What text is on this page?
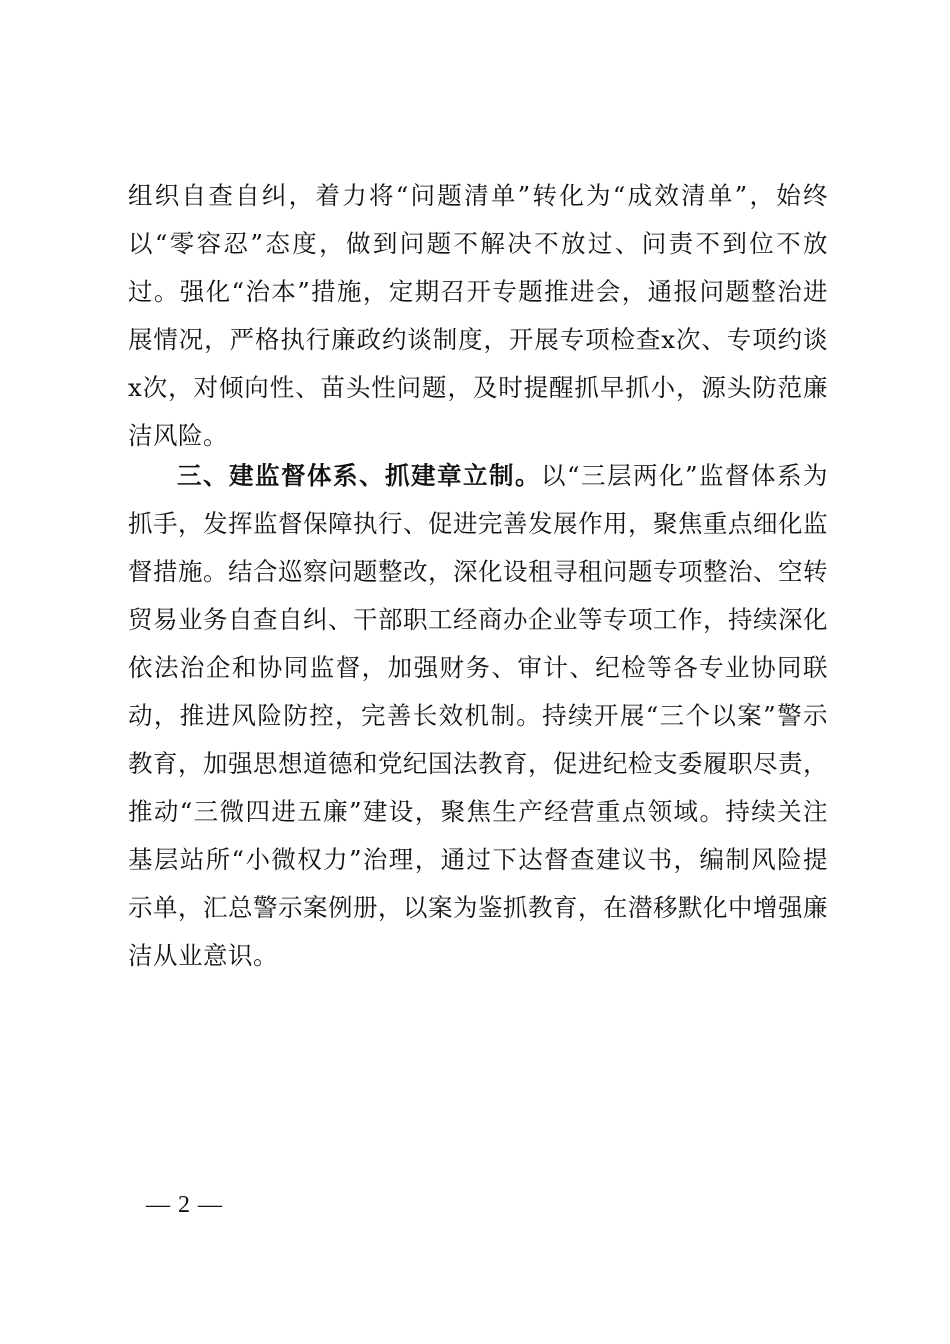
组织自查自纠，着力将“问题清单”转化为“成效清单”，始终以“零容忍”态度，做到问题不解决不放过、问责不到位不放过。强化“治本”措施，定期召开专题推进会，通报问题整治进展情况，严格执行廉政约谈制度，开展专项检查x次、专项约谈x次，对倾向性、苗头性问题，及时提醒抓早抓小，源头防范廉洁风险。

三、建监督体系、抓建章立制。以“三层两化”监督体系为抓手，发挥监督保障执行、促进完善发展作用，聚焦重点细化监督措施。结合巡察问题整改，深化设租寻租问题专项整治、空转贸易业务自查自纠、干部职工经商办企业等专项工作，持续深化依法治企和协同监督，加强财务、审计、纪检等各专业协同联动，推进风险防控，完善长效机制。持续开展“三个以案”警示教育，加强思想道德和党纪国法教育，促进纪检支委履职尽责，推动“三微四进五廉”建设，聚焦生产经营重点领域。持续关注基层站所“小微权力”治理，通过下达督查建议书，编制风险提示单，汇总警示案例册，以案为鉴抓教育，在潜移默化中增强廉洁从业意识。

— 2 —
